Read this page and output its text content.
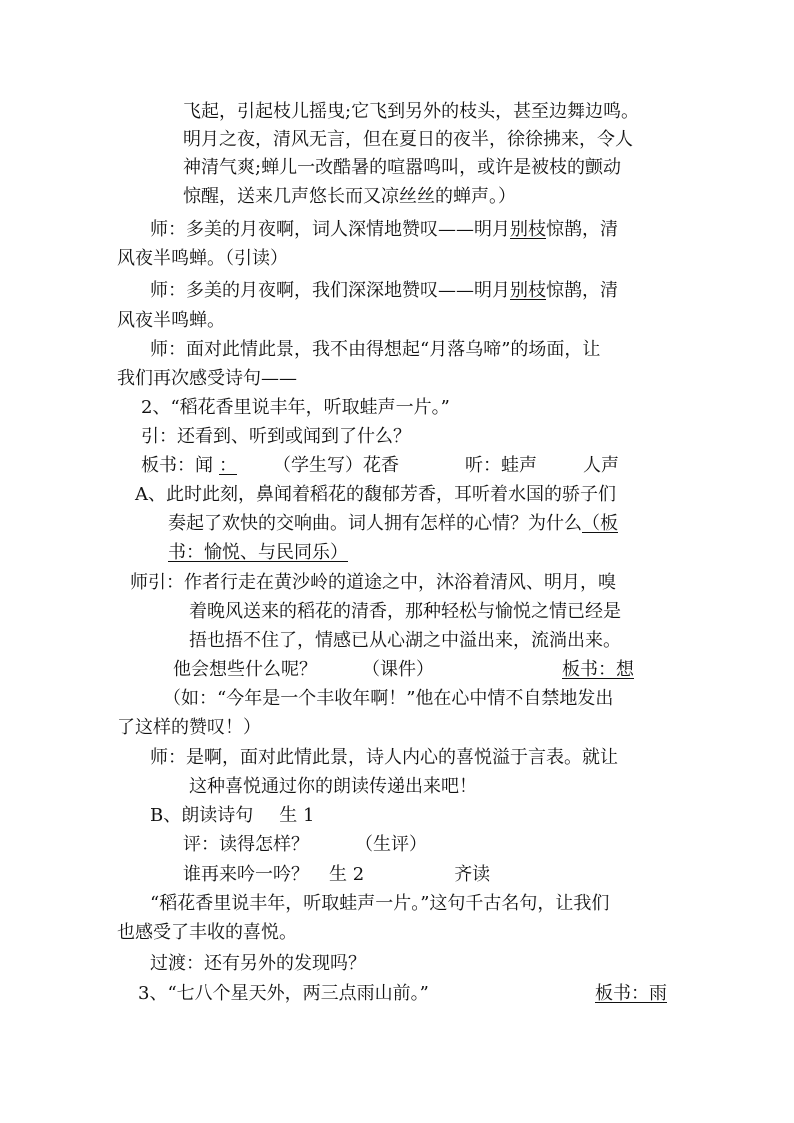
飞起，引起枝儿摇曳;它飞到另外的枝头，甚至边舞边鸣。
明月之夜，清风无言，但在夏日的夜半，徐徐拂来，令人
神清气爽;蝉儿一改酷暑的喧嚣鸣叫，或许是被枝的颤动
惊醒，送来几声悠长而又凉丝丝的蝉声。）
师：多美的月夜啊，词人深情地赞叹——明月别枝惊鹊，清
风夜半鸣蝉。（引读）
师：多美的月夜啊，我们深深地赞叹——明月别枝惊鹊，清
风夜半鸣蝉。
师：面对此情此景，我不由得想起“月落乌啼”的场面，让
我们再次感受诗句——
2、“稻花香里说丰年，听取蛙声一片。”
引：还看到、听到或闻到了什么？
板书：闻 ： （学生写）花香	听：蛙声	人声
A、此时此刻，鼻闻着稻花的馥郁芳香，耳听着水国的骄子们
奏起了欢快的交响曲。词人拥有怎样的心情？为什么（板
书：愉悦、与民同乐）
师引：作者行走在黄沙岭的道途之中，沐浴着清风、明月，嗅
着晚风送来的稻花的清香，那种轻松与愉悦之情已经是
捂也捂不住了，情感已从心湖之中溢出来，流淌出来。
他会想些什么呢？	（课件）	板书：想
（如：“今年是一个丰收年啊！”他在心中情不自禁地发出
了这样的赞叹！）
师：是啊，面对此情此景，诗人内心的喜悦溢于言表。就让
这种喜悦通过你的朗读传递出来吧！
B、朗读诗句 生 1
评：读得怎样？	（生评）
谁再来吟一吟？ 生 2	齐读
“稻花香里说丰年，听取蛙声一片。”这句千古名句，让我们
也感受了丰收的喜悦。
过渡：还有另外的发现吗？
3、“七八个星天外，两三点雨山前。”	板书：雨
